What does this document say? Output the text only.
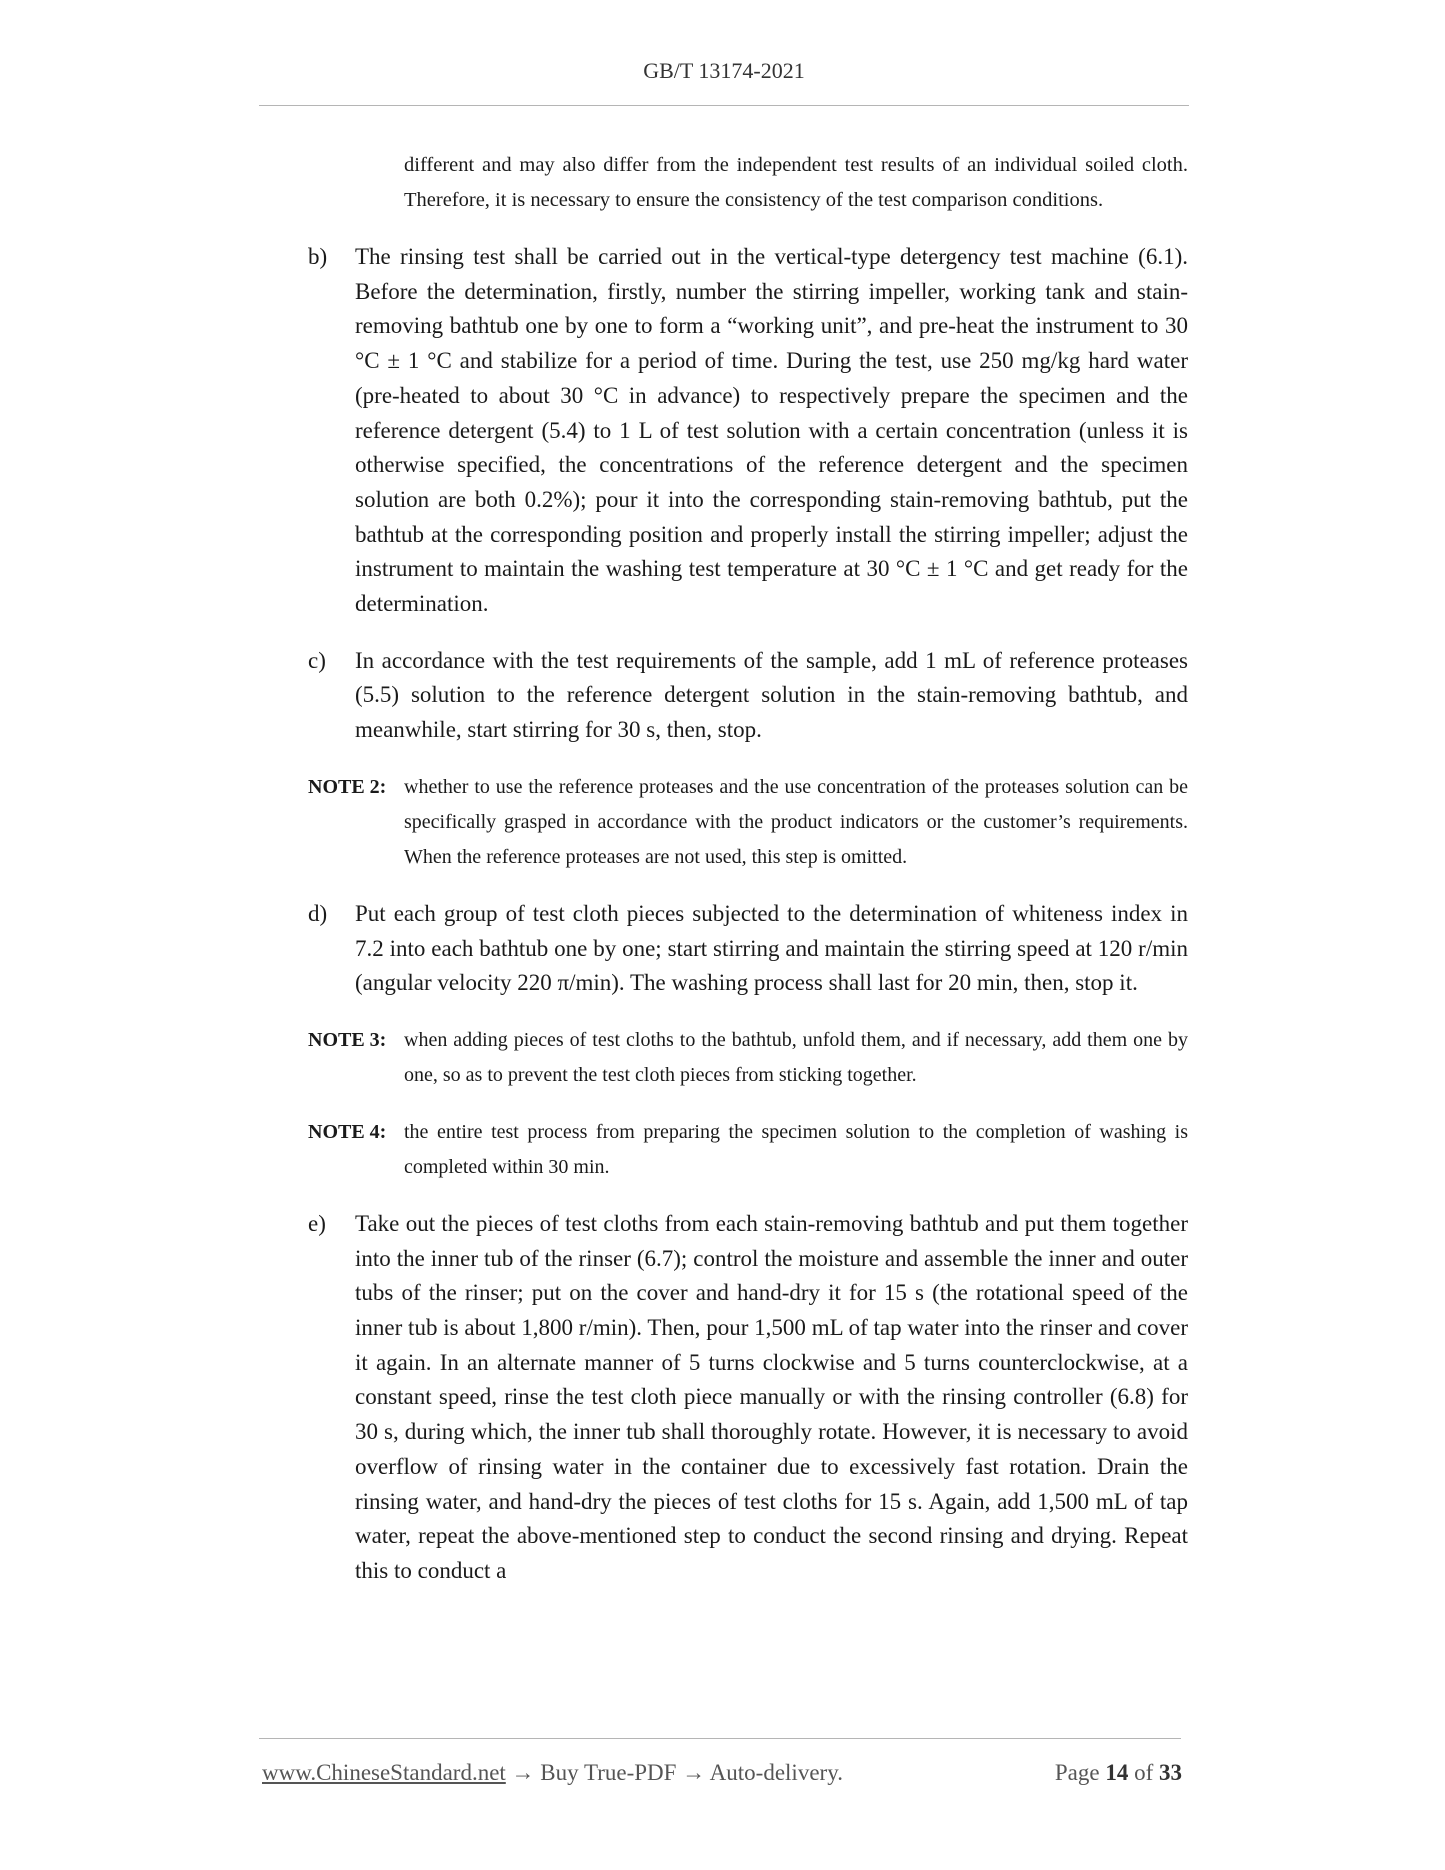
GB/T 13174-2021

different and may also differ from the independent test results of an individual soiled cloth. Therefore, it is necessary to ensure the consistency of the test comparison conditions.

b) The rinsing test shall be carried out in the vertical-type detergency test machine (6.1). Before the determination, firstly, number the stirring impeller, working tank and stain-removing bathtub one by one to form a “working unit”, and pre-heat the instrument to 30 °C ± 1 °C and stabilize for a period of time. During the test, use 250 mg/kg hard water (pre-heated to about 30 °C in advance) to respectively prepare the specimen and the reference detergent (5.4) to 1 L of test solution with a certain concentration (unless it is otherwise specified, the concentrations of the reference detergent and the specimen solution are both 0.2%); pour it into the corresponding stain-removing bathtub, put the bathtub at the corresponding position and properly install the stirring impeller; adjust the instrument to maintain the washing test temperature at 30 °C ± 1 °C and get ready for the determination.
c) In accordance with the test requirements of the sample, add 1 mL of reference proteases (5.5) solution to the reference detergent solution in the stain-removing bathtub, and meanwhile, start stirring for 30 s, then, stop.
NOTE 2: whether to use the reference proteases and the use concentration of the proteases solution can be specifically grasped in accordance with the product indicators or the customer’s requirements. When the reference proteases are not used, this step is omitted.
d) Put each group of test cloth pieces subjected to the determination of whiteness index in 7.2 into each bathtub one by one; start stirring and maintain the stirring speed at 120 r/min (angular velocity 220 π/min). The washing process shall last for 20 min, then, stop it.
NOTE 3: when adding pieces of test cloths to the bathtub, unfold them, and if necessary, add them one by one, so as to prevent the test cloth pieces from sticking together.
NOTE 4: the entire test process from preparing the specimen solution to the completion of washing is completed within 30 min.
e) Take out the pieces of test cloths from each stain-removing bathtub and put them together into the inner tub of the rinser (6.7); control the moisture and assemble the inner and outer tubs of the rinser; put on the cover and hand-dry it for 15 s (the rotational speed of the inner tub is about 1,800 r/min). Then, pour 1,500 mL of tap water into the rinser and cover it again. In an alternate manner of 5 turns clockwise and 5 turns counterclockwise, at a constant speed, rinse the test cloth piece manually or with the rinsing controller (6.8) for 30 s, during which, the inner tub shall thoroughly rotate. However, it is necessary to avoid overflow of rinsing water in the container due to excessively fast rotation. Drain the rinsing water, and hand-dry the pieces of test cloths for 15 s. Again, add 1,500 mL of tap water, repeat the above-mentioned step to conduct the second rinsing and drying. Repeat this to conduct a
www.ChineseStandard.net → Buy True-PDF → Auto-delivery.	Page 14 of 33
